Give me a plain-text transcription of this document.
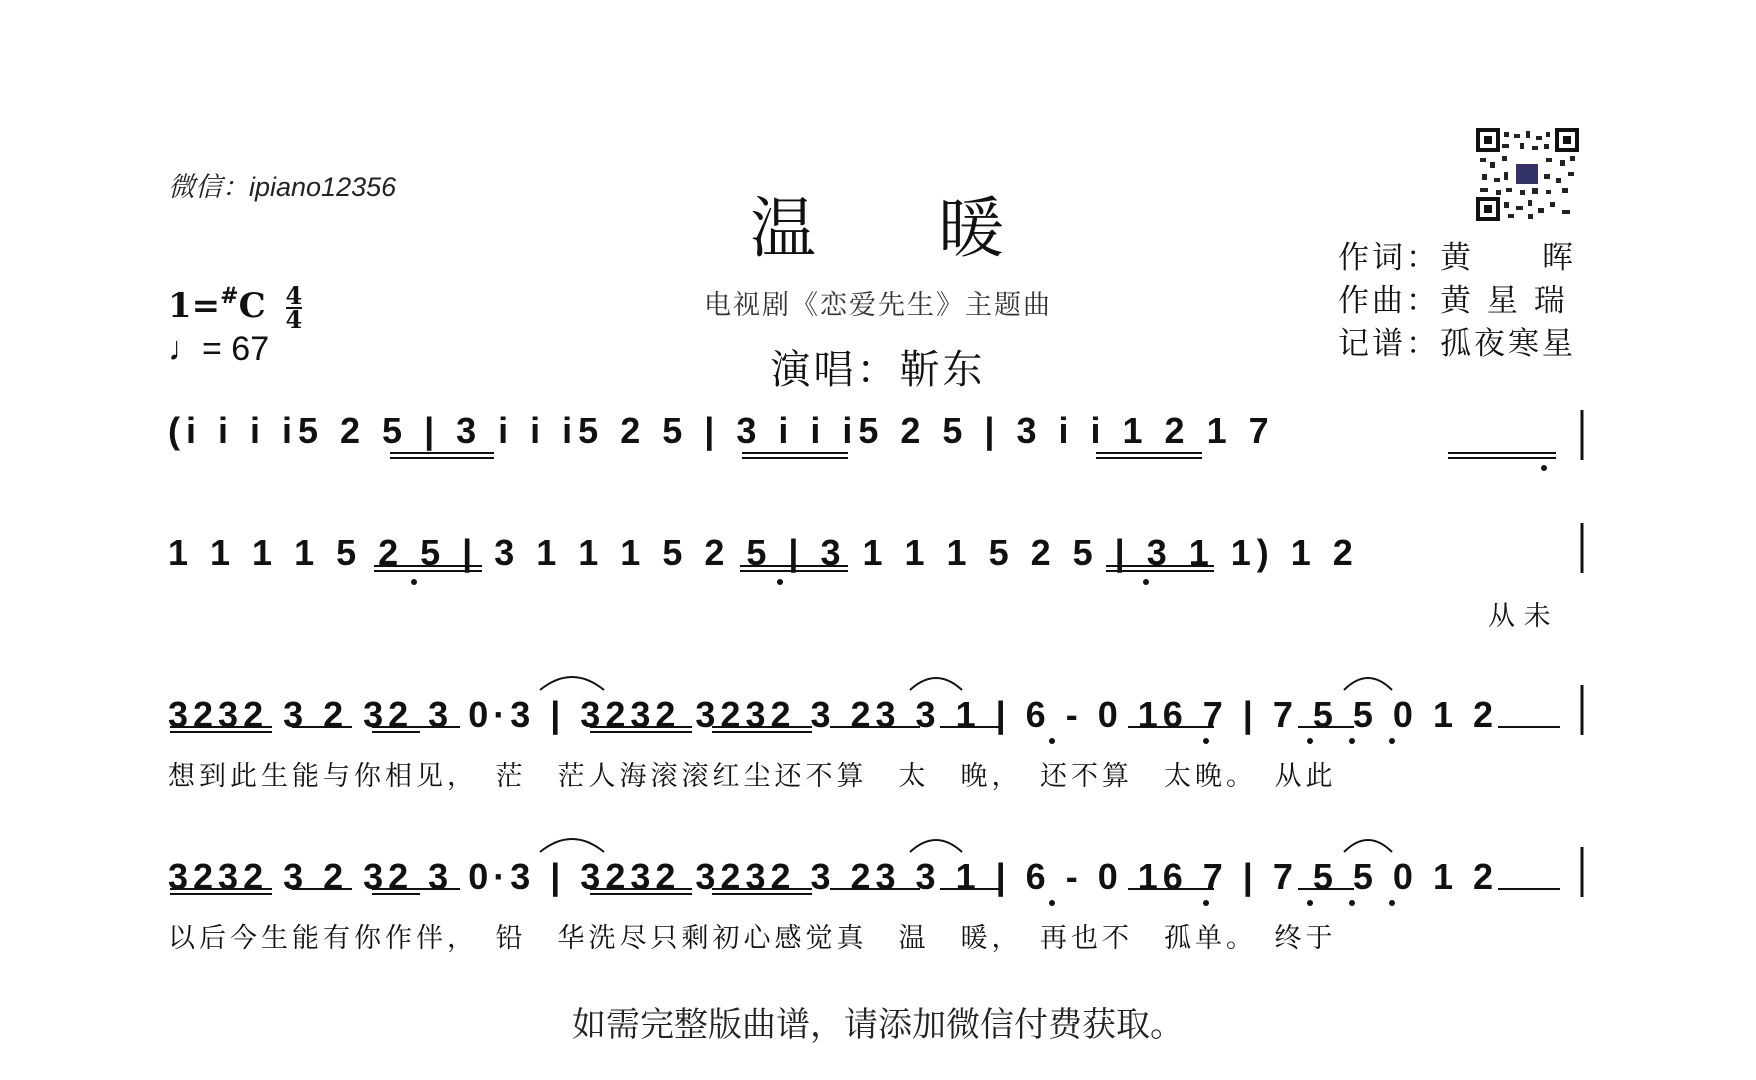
微信：ipiano12356
温 暖
电视剧《恋爱先生》主题曲
演唱：靳东
作词：黄　　晖
作曲：黄 星 瑞
记谱：孤夜寒星
$1=^{\#}C \frac{4}{4}$
♩= 67
(i i i i5 2 5 | 3 i i i5 2 5 | 3 i i i5 2 5 | 3 i i 1 2 1 7
1 1 1 1 5 2 5 | 3 1 1 1 5 2 5 | 3 1 1 1 5 2 5 | 3 1 1) 1 2
从 未
3232 3 2 32 3 0·3 | 3232 3232 3 23 3 1 | 6 - 0 16 7 | 7 5 5 0 1 2
想到此生能与你相见，　茫　茫人海滚滚红尘还不算　太　晚，　还不算　太晚。　从此
3232 3 2 32 3 0·3 | 3232 3232 3 23 3 1 | 6 - 0 16 7 | 7 5 5 0 1 2
以后今生能有你作伴，　铅　华洗尽只剩初心感觉真　温　暖，　再也不　孤单。　终于
如需完整版曲谱，请添加微信付费获取。
